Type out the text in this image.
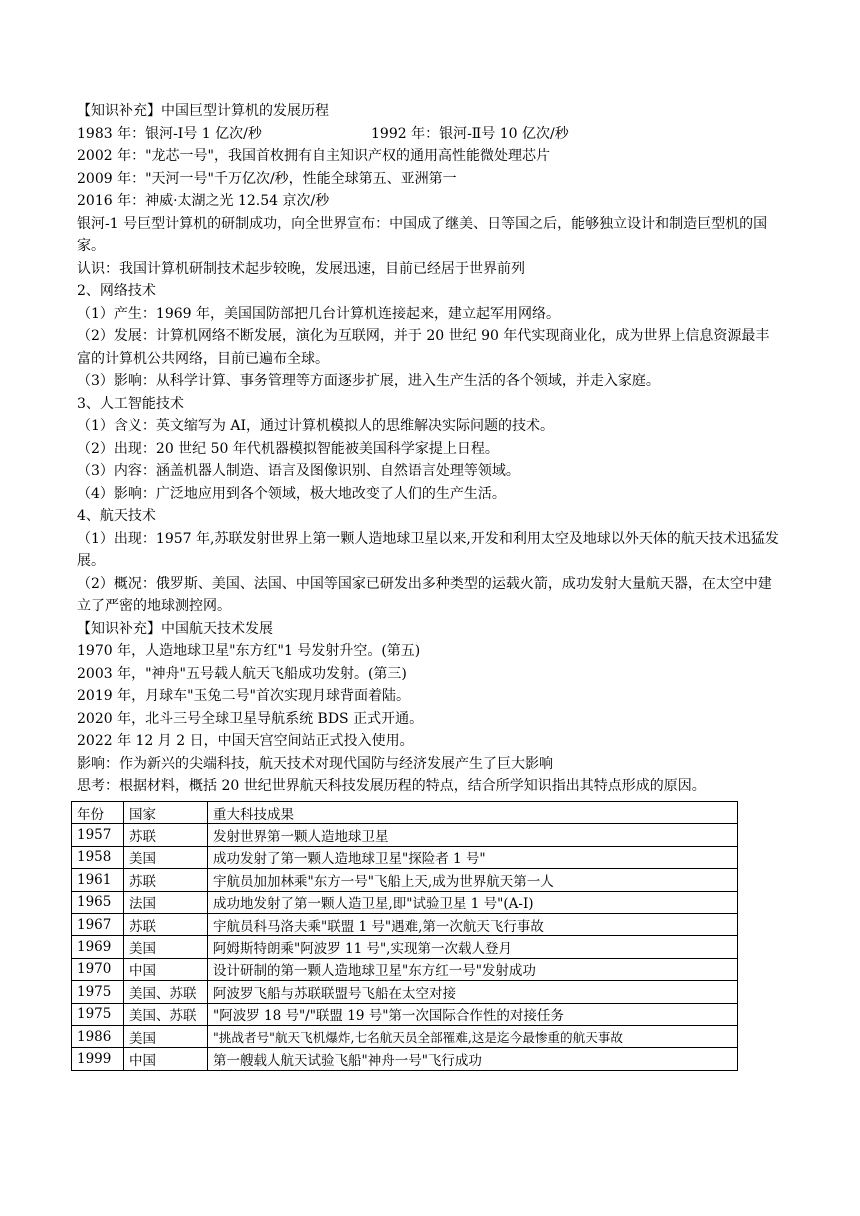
【知识补充】中国巨型计算机的发展历程
1983 年：银河-Ⅰ号 1 亿次/秒	1992 年：银河-Ⅱ号 10 亿次/秒
2002 年："龙芯一号"，我国首枚拥有自主知识产权的通用高性能微处理芯片
2009 年："天河一号"千万亿次/秒，性能全球第五、亚洲第一
2016 年：神威·太湖之光 12.54 京次/秒
银河-1 号巨型计算机的研制成功，向全世界宣布：中国成了继美、日等国之后，能够独立设计和制造巨型机的国家。
认识：我国计算机研制技术起步较晚，发展迅速，目前已经居于世界前列
2、网络技术
（1）产生：1969 年，美国国防部把几台计算机连接起来，建立起军用网络。
（2）发展：计算机网络不断发展，演化为互联网，并于 20 世纪 90 年代实现商业化，成为世界上信息资源最丰富的计算机公共网络，目前已遍布全球。
（3）影响：从科学计算、事务管理等方面逐步扩展，进入生产生活的各个领域，并走入家庭。
3、人工智能技术
（1）含义：英文缩写为 AI，通过计算机模拟人的思维解决实际问题的技术。
（2）出现：20 世纪 50 年代机器模拟智能被美国科学家提上日程。
（3）内容：涵盖机器人制造、语言及图像识别、自然语言处理等领域。
（4）影响：广泛地应用到各个领域，极大地改变了人们的生产生活。
4、航天技术
（1）出现：1957 年,苏联发射世界上第一颗人造地球卫星以来,开发和利用太空及地球以外天体的航天技术迅猛发展。
（2）概况：俄罗斯、美国、法国、中国等国家已研发出多种类型的运载火箭，成功发射大量航天器，在太空中建立了严密的地球测控网。
【知识补充】中国航天技术发展
1970 年，人造地球卫星"东方红"1 号发射升空。(第五)
2003 年，"神舟"五号载人航天飞船成功发射。(第三)
2019 年，月球车"玉兔二号"首次实现月球背面着陆。
2020 年，北斗三号全球卫星导航系统 BDS 正式开通。
2022 年 12 月 2 日，中国天宫空间站正式投入使用。
影响：作为新兴的尖端科技，航天技术对现代国防与经济发展产生了巨大影响
思考：根据材料，概括 20 世纪世界航天科技发展历程的特点，结合所学知识指出其特点形成的原因。
年份	国家	重大科技成果
1957	苏联	发射世界第一颗人造地球卫星
1958	美国	成功发射了第一颗人造地球卫星"探险者 1 号"
1961	苏联	宇航员加加林乘"东方一号"飞船上天,成为世界航天第一人
1965	法国	成功地发射了第一颗人造卫星,即"试验卫星 1 号"(A-Ⅰ)
1967	苏联	宇航员科马洛夫乘"联盟 1 号"遇难,第一次航天飞行事故
1969	美国	阿姆斯特朗乘"阿波罗 11 号",实现第一次载人登月
1970	中国	设计研制的第一颗人造地球卫星"东方红一号"发射成功
1975	美国、苏联	阿波罗飞船与苏联联盟号飞船在太空对接
1975	美国、苏联	"阿波罗 18 号"/"联盟 19 号"第一次国际合作性的对接任务
1986	美国	"挑战者号"航天飞机爆炸,七名航天员全部罹难,这是迄今最惨重的航天事故
1999	中国	第一艘载人航天试验飞船"神舟一号"飞行成功
